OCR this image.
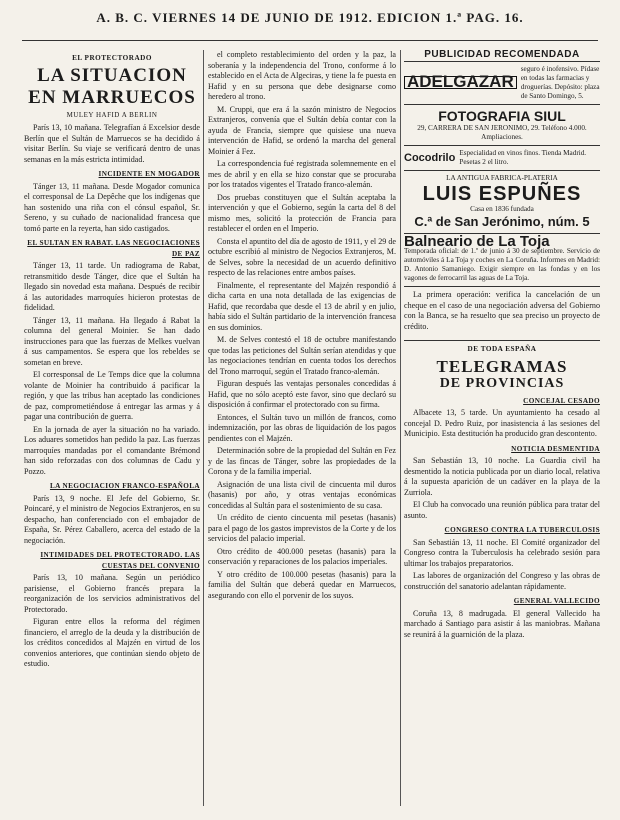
A. B. C. VIERNES 14 DE JUNIO DE 1912. EDICION 1.ª PAG. 16.
EL PROTECTORADO
LA SITUACION
EN MARRUECOS
MULEY HAFID A BERLIN

París 13, 10 mañana. Telegrafían á Excelsior desde Berlín que el Sultán de Marruecos se ha decidido á visitar Berlín. Su viaje se verificará dentro de unas semanas en la más estricta intimidad.

INCIDENTE EN MOGADOR

Tánger 13, 11 mañana. Desde Mogador comunica el corresponsal de La Depêche que los indígenas que han sostenido una riña con el cónsul español, Sr. Sereno, y su cuñado de nacionalidad francesa que tomó parte en la reyerta, han sido castigados.

EL SULTAN EN RABAT. LAS NEGOCIACIONES DE PAZ

Tánger 13, 11 tarde. Un radiograma de Rabat, retransmitido desde Tánger, dice que el Sultán ha llegado sin novedad esta mañana. Después de recibir á las autoridades marroquíes hicieron protestas de fidelidad.

Tánger 13, 11 mañana. Ha llegado á Rabat la columna del general Moinier. Se han dado instrucciones para que las fuerzas de Melkes vuelvan á sus campamentos. Se espera que los rebeldes se sometan en breve.

El corresponsal de Le Temps dice que la columna volante de Moinier ha contribuido á pacificar la región, y que las tribus han aceptado las condiciones de paz, comprometiéndose á entregar las armas y á pagar una contribución de guerra.

En la jornada de ayer la situación no ha variado. Los aduares sometidos han pedido la paz. Las fuerzas marroquíes mandadas por el comandante Brémond han sido reforzadas con dos columnas de Cadu y Pozzo.

LA NEGOCIACION FRANCO-ESPAÑOLA

París 13, 9 noche. El Jefe del Gobierno, Sr. Poincaré, y el ministro de Negocios Extranjeros, en su despacho, han conferenciado con el embajador de España, Sr. Pérez Caballero, acerca del estado de la negociación.

INTIMIDADES DEL PROTECTORADO. LAS CUESTAS DEL CONVENIO

París 13, 10 mañana. Según un periódico parisiense, el Gobierno francés prepara la reorganización de los servicios administrativos del Protectorado.

Figuran entre ellos la reforma del régimen financiero, el arreglo de la deuda y la distribución de los créditos concedidos al Majzén en virtud de los convenios anteriores, que continúan siendo objeto de estudio.

el completo restablecimiento del orden y la paz, la soberanía y la independencia del Trono, conforme á lo establecido en el Acta de Algeciras, y tiene la fe puesta en Hafid y en su persona que debe designarse como heredero al trono.

M. Cruppi, que era á la sazón ministro de Negocios Extranjeros, convenía que el Sultán debía contar con la ayuda de Francia, siempre que quisiese una nueva intervención de Hafid, se ordenó la marcha del general Moinier á Fez.

La correspondencia fué registrada solemnemente en el mes de abril y en ella se hizo constar que se procuraba por los tratados vigentes el Tratado franco-alemán.

Dos pruebas constituyen que el Sultán aceptaba la intervención y que el Gobierno, según la carta del 8 del mismo mes, solicitó la protección de Francia para restablecer el orden en el Imperio.

Consta el apuntito del día de agosto de 1911, y el 29 de octubre escribió al ministro de Negocios Extranjeros, M. de Selves, sobre la necesidad de un acuerdo definitivo respecto de las relaciones entre ambos países.

Finalmente, el representante del Majzén respondió á dicha carta en una nota detallada de las exigencias de Hafid, que recordaba que desde el 13 de abril y en julio, había sido el Sultán partidario de la intervención francesa en sus dominios.

M. de Selves contestó el 18 de octubre manifestando que todas las peticiones del Sultán serían atendidas y que las negociaciones tendrían en cuenta todos los derechos del Trono marroquí, según el Tratado franco-alemán.

Figuran después las ventajas personales concedidas á Hafid, que no sólo aceptó este favor, sino que declaró su disposición á confirmar el protectorado con su firma.

Entonces, el Sultán tuvo un millón de francos, como indemnización, por las obras de liquidación de los pagos pendientes con el Majzén.

Determinación sobre de la propiedad del Sultán en Fez y de las fincas de Tánger, sobre las propiedades de la Corona y de la familia imperial.

Asignación de una lista civil de cincuenta mil duros (hasanis) por año, y otras ventajas económicas concedidas al Sultán para el sostenimiento de su casa.

Un crédito de ciento cincuenta mil pesetas (hasanis) para el pago de los gastos imprevistos de la Corte y de los servicios del palacio imperial.

Otro crédito de 400.000 pesetas (hasanis) para la conservación y reparaciones de los palacios imperiales.

Y otro crédito de 100.000 pesetas (hasanis) para la familia del Sultán que deberá quedar en Marruecos, asegurando con ello el porvenir de los suyos.

PUBLICIDAD RECOMENDADA
ADELGAZAR
seguro é inofensivo. Pídase en todas las farmacias y droguerías. Depósito: plaza de Santo Domingo, 5.
FOTOGRAFIA SIUL
29, CARRERA DE SAN JERONIMO, 29. Teléfono 4.000. Ampliaciones.
Cocodrilo Especialidad en vinos finos. Tienda Madrid. Pesetas 2 el litro.
LA ANTIGUA FABRICA-PLATERIA
LUIS ESPUÑES
Casa en 1836 fundada
C.ª de San Jerónimo, núm. 5
Balneario de La Toja
Temporada oficial: de 1.º de junio á 30 de septiembre. Servicio de automóviles á La Toja y coches en La Coruña. Informes en Madrid: D. Antonio Samaniego. Exigir siempre en las fondas y en los vagones de ferrocarril las aguas de La Toja.

La primera operación: verifica la cancelación de un cheque en el caso de una negociación adversa del Gobierno con la Banca, se ha resuelto que sea preciso un proyecto de crédito.

DE TODA ESPAÑA
TELEGRAMAS
DE PROVINCIAS
CONCEJAL CESADO

Albacete 13, 5 tarde. Un ayuntamiento ha cesado al concejal D. Pedro Ruiz, por inasistencia á las sesiones del Municipio. Esta destitución ha producido gran descontento.

NOTICIA DESMENTIDA

San Sebastián 13, 10 noche. La Guardia civil ha desmentido la noticia publicada por un diario local, relativa á la supuesta aparición de un cadáver en la playa de la Zurriola.

El Club ha convocado una reunión pública para tratar del asunto.

CONGRESO CONTRA LA TUBERCULOSIS

San Sebastián 13, 11 noche. El Comité organizador del Congreso contra la Tuberculosis ha celebrado sesión para ultimar los trabajos preparatorios.

Las labores de organización del Congreso y las obras de construcción del sanatorio adelantan rápidamente.

GENERAL VALLECIDO

Coruña 13, 8 madrugada. El general Vallecido ha marchado á Santiago para asistir á las maniobras. Mañana se reunirá á la guarnición de la plaza.
